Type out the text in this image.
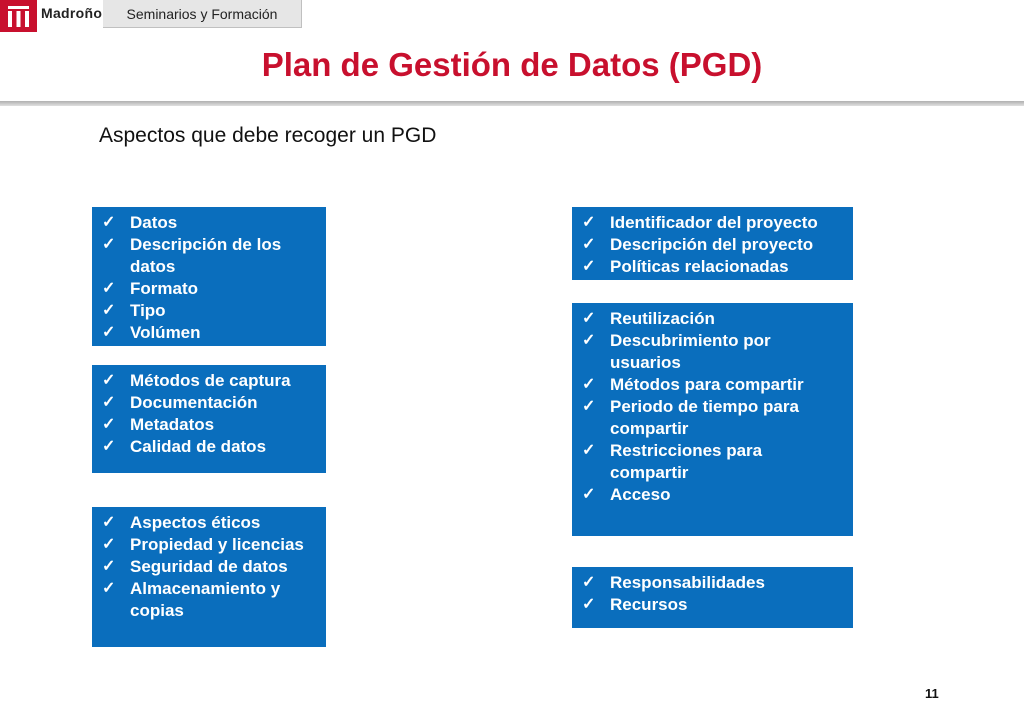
Madroño	Seminarios y Formación
Plan de Gestión de Datos (PGD)
Aspectos que debe recoger un PGD
✓ Datos
✓ Descripción de los datos
✓ Formato
✓ Tipo
✓ Volúmen
✓ Métodos de captura
✓ Documentación
✓ Metadatos
✓ Calidad de datos
✓ Aspectos éticos
✓ Propiedad y licencias
✓ Seguridad de datos
✓ Almacenamiento y copias
✓ Identificador del proyecto
✓ Descripción del proyecto
✓ Políticas relacionadas
✓ Reutilización
✓ Descubrimiento por usuarios
✓ Métodos para compartir
✓ Periodo de tiempo para compartir
✓ Restricciones para compartir
✓ Acceso
✓ Responsabilidades
✓ Recursos
11
